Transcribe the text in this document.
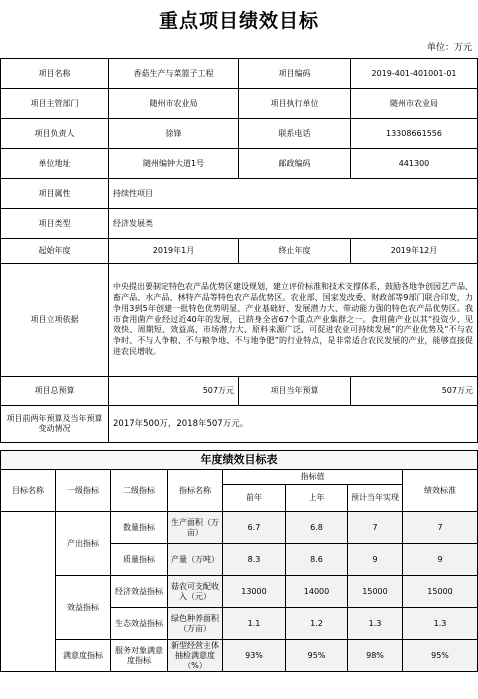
重点项目绩效目标
单位：万元
项目名称	香菇生产与菜篮子工程	项目编码	2019-401-401001-01
项目主管部门	随州市农业局	项目执行单位	随州市农业局
项目负责人	徐锋	联系电话	13308661556
单位地址	随州编钟大道1号	邮政编码	441300
项目属性	持续性项目		
项目类型	经济发展类		
起始年度	2019年1月	终止年度	2019年12月
项目立项依据	中央提出要制定特色农产品优势区建设规划，建立评价标准和技术支撑体系，鼓励各地争创园艺产品、畜产品、水产品、林特产品等特色农产品优势区。农业部、国家发改委、财政部等9部门联合印发，力争用3到5年创建一批特色优势明显、产业基础好、发展潜力大、带动能力强的特色农产品优势区。我市食用菌产业经过近40年的发展，已跻身全省67个重点产业集群之一。食用菌产业以其“投资少、见效快、周期短、效益高、市场潜力大、原料来源广泛，可促进农业可持续发展”的产业优势及“不与农争时、不与人争粮、不与粮争地、不与地争肥”的行业特点，是非常适合农民发展的产业，能够直接促进农民增收。		
项目总预算	507万元	项目当年预算	507万元
项目前两年预算及当年预算变动情况	2017年500万，2018年507万元。		
年度绩效目标表							
目标名称	一级指标	二级指标	指标名称	指标值			绩效标准
				前年	上年	预计当年实现	
	产出指标	数量指标	生产面积（万亩）	6.7	6.8	7	7
		质量指标	产量（万吨）	8.3	8.6	9	9
	效益指标	经济效益指标	菇农可支配收入（元）	13000	14000	15000	15000
		生态效益指标	绿色种养面积（万亩）	1.1	1.2	1.3	1.3
	满意度指标	服务对象满意度指标	新型经营主体抽检满意度（%）	93%	95%	98%	95%
